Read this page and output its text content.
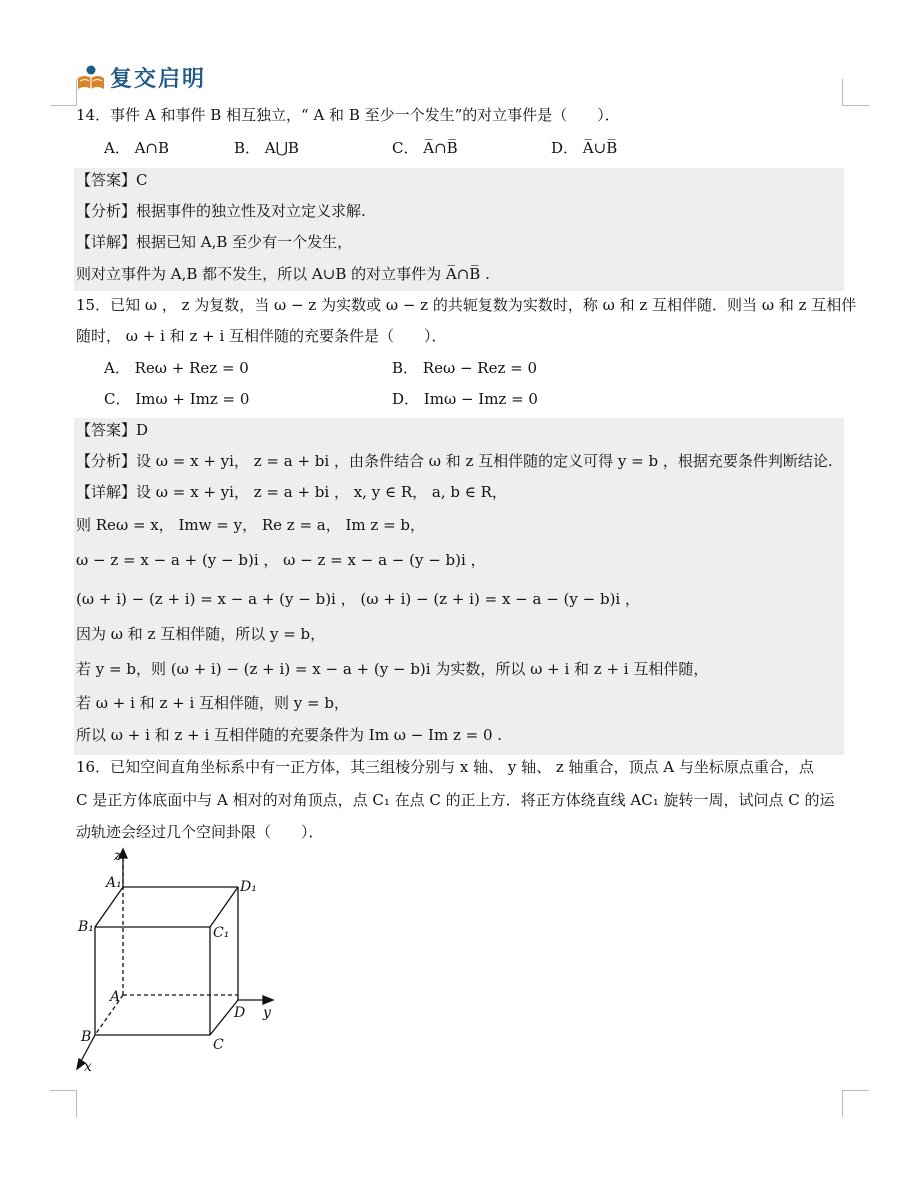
复交启明
14．事件 A 和事件 B 相互独立，“ A 和 B 至少一个发生”的对立事件是（　　）．
A． A∩B	B． A⋃B	C． A̅∩B̅	D． A̅∪B̅
【答案】C
【分析】根据事件的独立性及对立定义求解.
【详解】根据已知 A,B 至少有一个发生，
则对立事件为 A,B 都不发生，所以 A∪B 的对立事件为 A̅∩B̅ .
15．已知 ω ， z 为复数，当 ω − z 为实数或 ω − z 的共轭复数为实数时，称 ω 和 z 互相伴随．则当 ω 和 z 互相伴
随时， ω + i 和 z + i 互相伴随的充要条件是（　　）．
A． Reω + Rez = 0	B． Reω − Rez = 0
C． Imω + Imz = 0	D． Imω − Imz = 0
【答案】D
【分析】设 ω = x + yi， z = a + bi ，由条件结合 ω 和 z 互相伴随的定义可得 y = b ，根据充要条件判断结论.
【详解】设 ω = x + yi， z = a + bi ， x, y ∈ R， a, b ∈ R，
则 Reω = x， Imw = y， Re z = a， Im z = b，
ω − z = x − a + (y − b)i ， ω − z = x − a − (y − b)i ，
(ω + i) − (z + i) = x − a + (y − b)i ， (ω + i) − (z + i) = x − a − (y − b)i ，
因为 ω 和 z 互相伴随，所以 y = b，
若 y = b，则 (ω + i) − (z + i) = x − a + (y − b)i 为实数，所以 ω + i 和 z + i 互相伴随，
若 ω + i 和 z + i 互相伴随，则 y = b，
所以 ω + i 和 z + i 互相伴随的充要条件为 Im ω − Im z = 0 .
16．已知空间直角坐标系中有一正方体，其三组棱分别与 x 轴、 y 轴、 z 轴重合，顶点 A 与坐标原点重合，点
C 是正方体底面中与 A 相对的对角顶点，点 C₁ 在点 C 的正上方．将正方体绕直线 AC₁ 旋转一周，试问点 C 的运
动轨迹会经过几个空间卦限（　　）．
z
y
x
A₁	D₁
B₁	C₁
A
D
B	C
